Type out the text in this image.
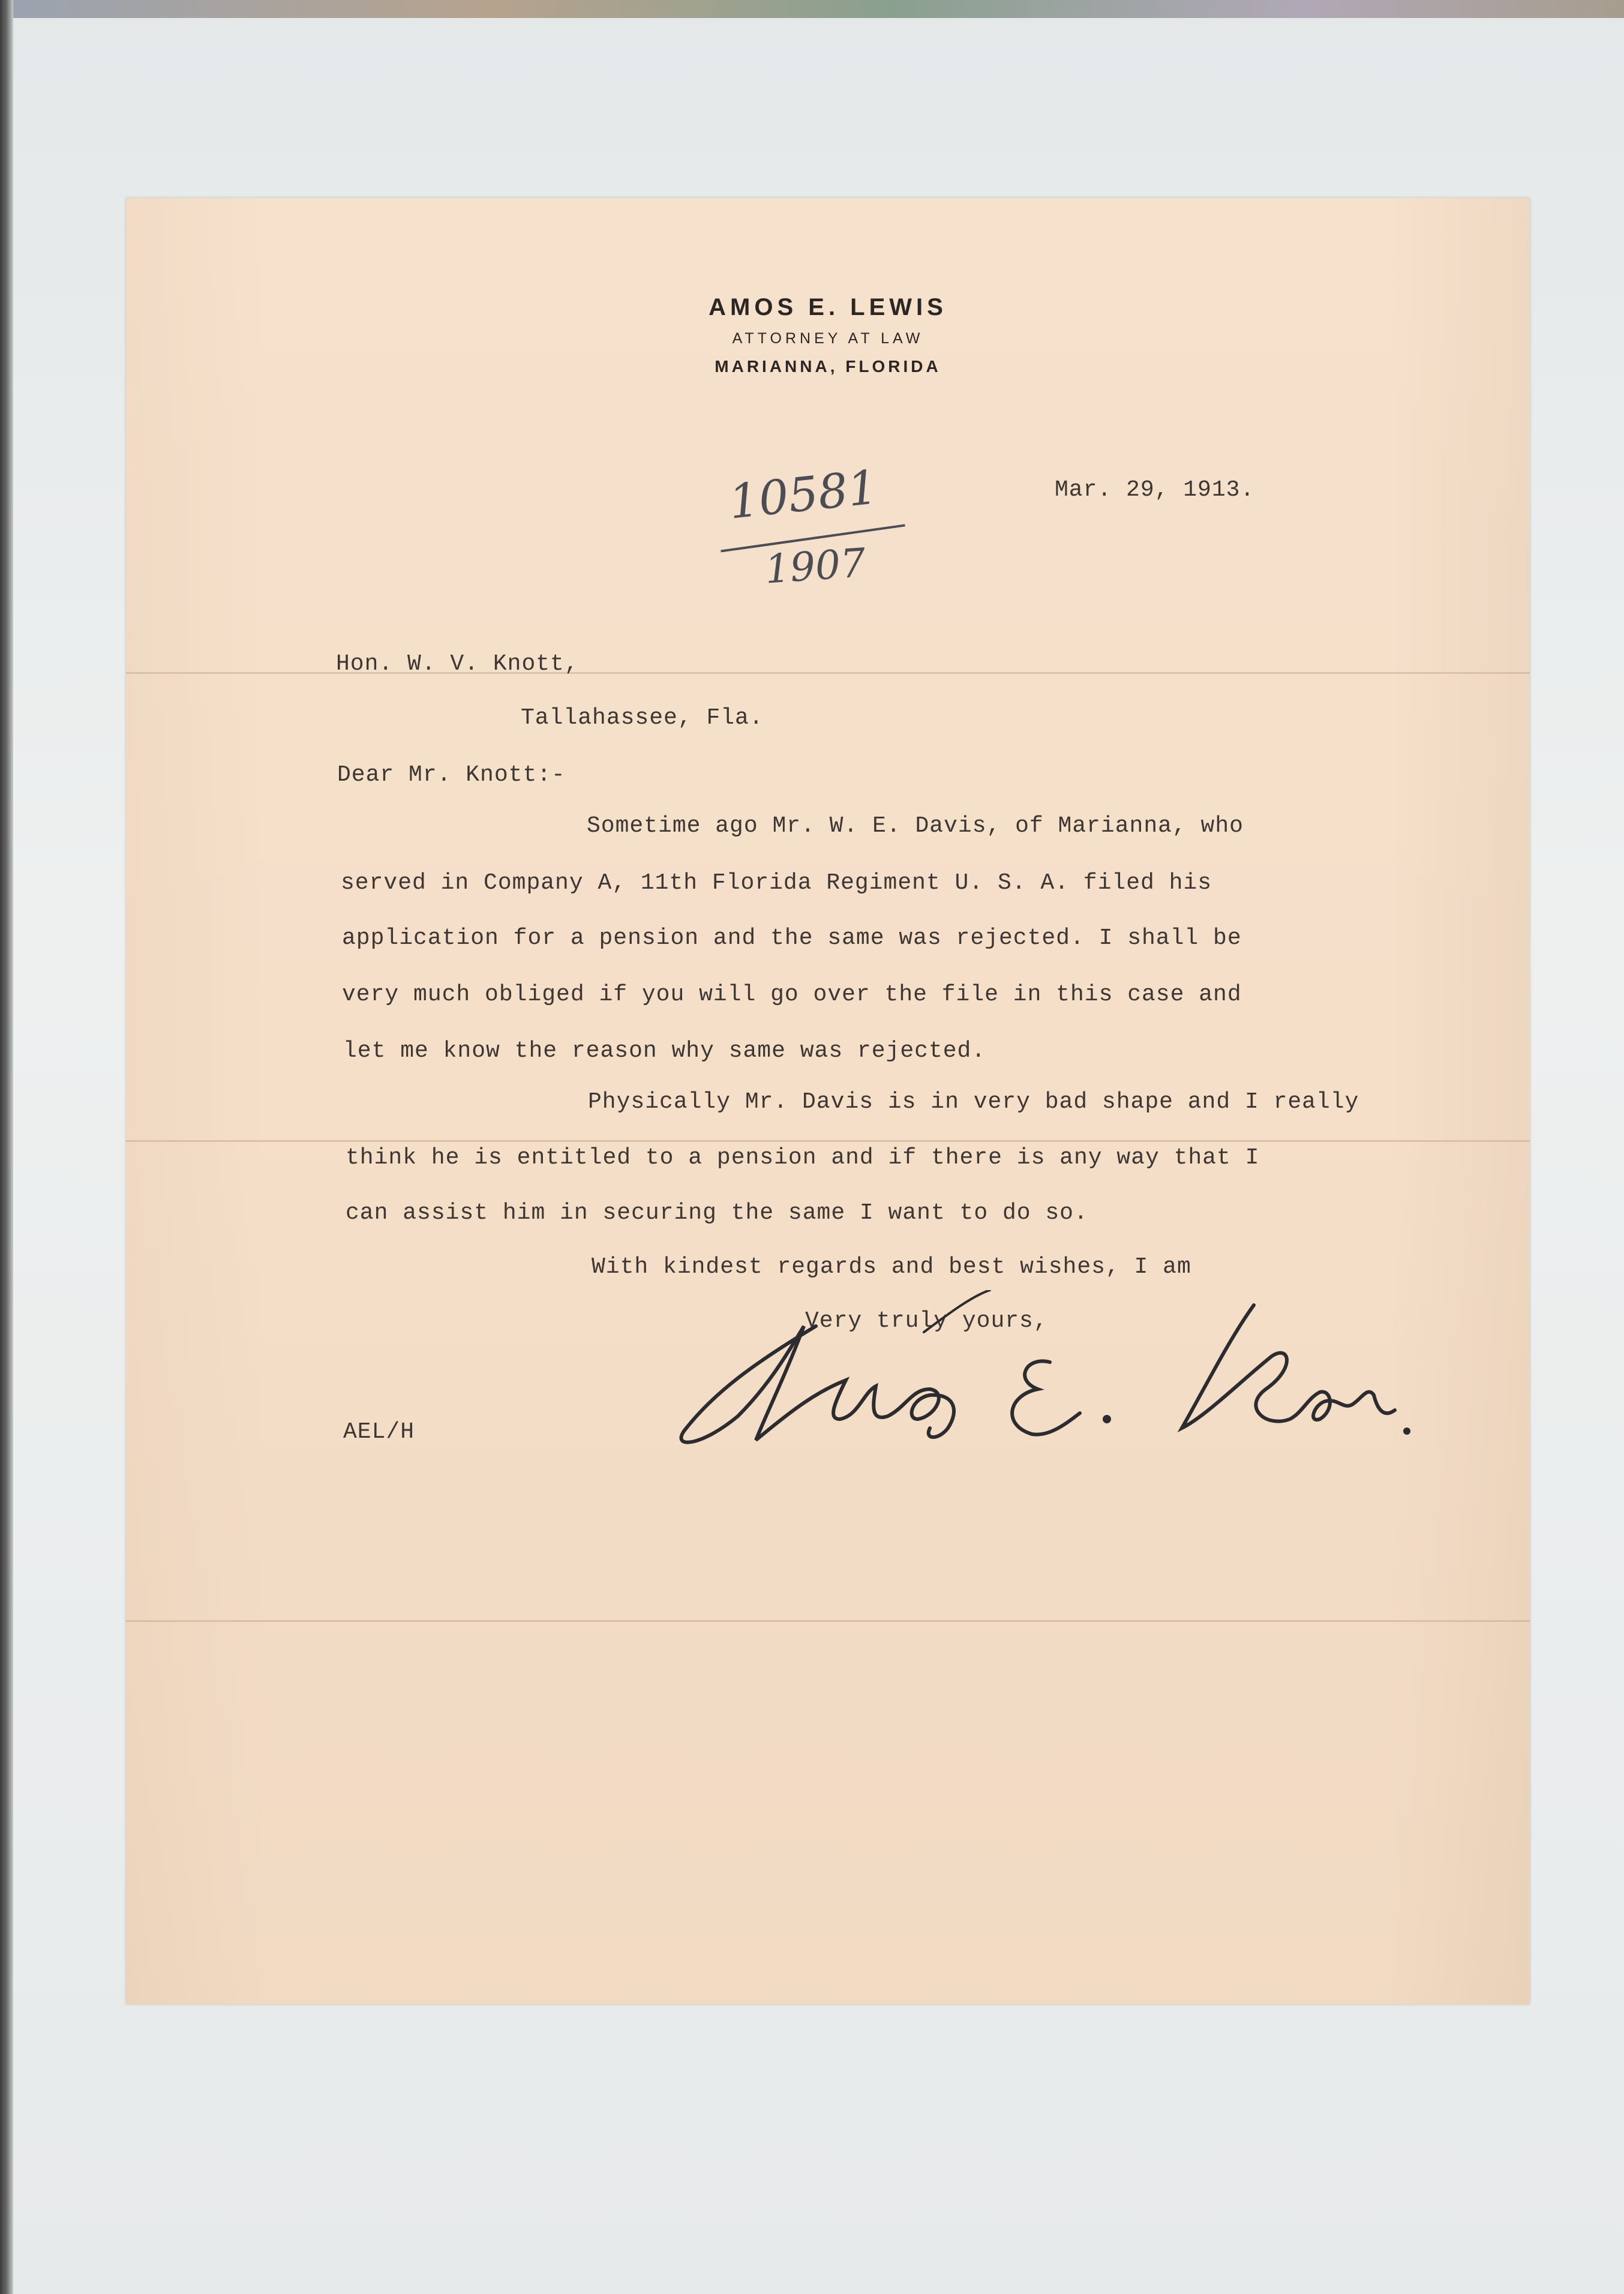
AMOS E. LEWIS
ATTORNEY AT LAW
MARIANNA, FLORIDA
10581
1907
Mar. 29, 1913.
Hon. W. V. Knott,
Tallahassee, Fla.
Dear Mr. Knott:-
Sometime ago Mr. W. E. Davis, of Marianna, who
served in Company A, 11th Florida Regiment U. S. A. filed his
application for a pension and the same was rejected. I shall be
very much obliged if you will go over the file in this case and
let me know the reason why same was rejected.
Physically Mr. Davis is in very bad shape and I really
think he is entitled to a pension and if there is any way that I
can assist him in securing the same I want to do so.
With kindest regards and best wishes, I am
Very truly yours,
AEL/H
